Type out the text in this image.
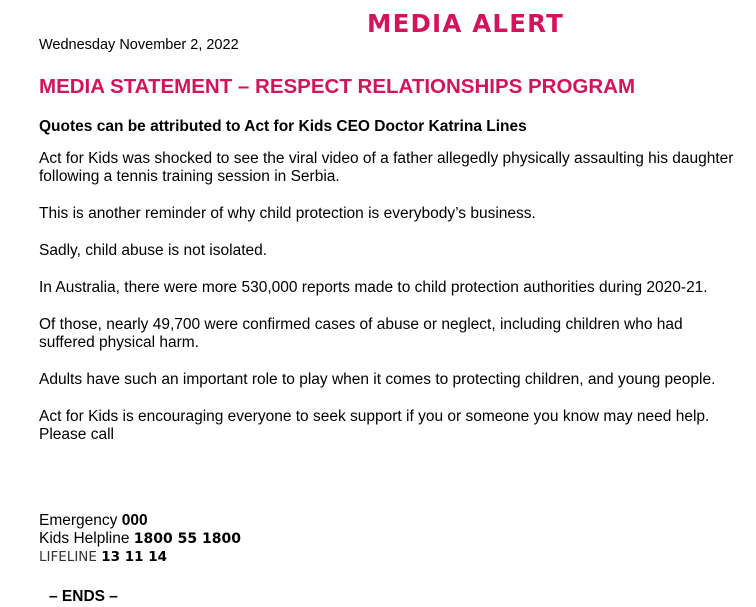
MEDIA ALERT
Wednesday November 2, 2022
MEDIA STATEMENT – RESPECT RELATIONSHIPS PROGRAM
Quotes can be attributed to Act for Kids CEO Doctor Katrina Lines

Act for Kids was shocked to see the viral video of a father allegedly physically assaulting his daughter following a tennis training session in Serbia.

This is another reminder of why child protection is everybody’s business.

Sadly, child abuse is not isolated.

In Australia, there were more 530,000 reports made to child protection authorities during 2020-21.

Of those, nearly 49,700 were confirmed cases of abuse or neglect, including children who had suffered physical harm.

Adults have such an important role to play when it comes to protecting children, and young people.

Act for Kids is encouraging everyone to seek support if you or someone you know may need help. Please call

Emergency 000
Kids Helpline 1800 55 1800
LIFELINE 13 11 14
– ENDS –
